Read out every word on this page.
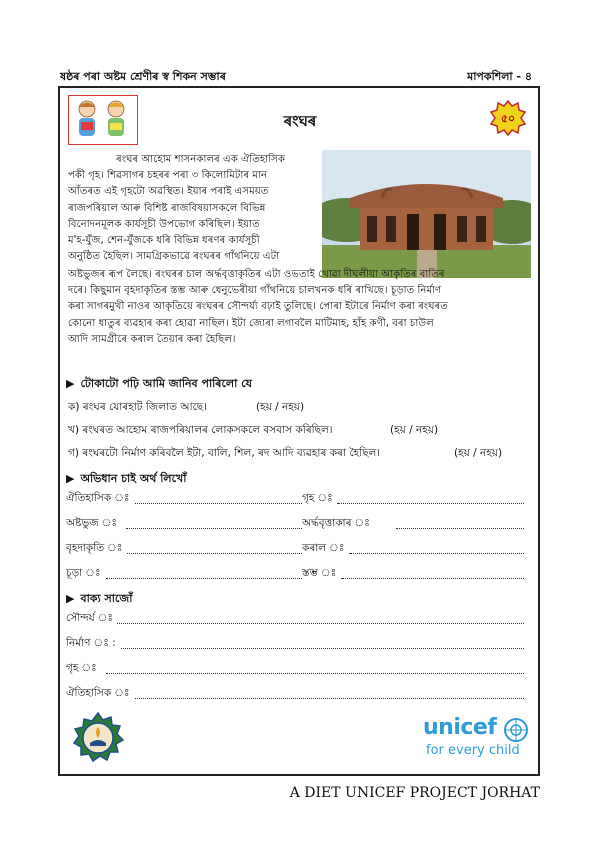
ষষ্ঠৰ পৰা অষ্টম শ্ৰেণীৰ স্ব শিকন সম্ভাৰ	মাপকশিলা - ৪
ৰংঘৰ	৫০
ৰংঘৰ আহোম শাসনকালৰ এক ঐতিহাসিক
পকী গৃহ। শিৱসাগৰ চহৰৰ পৰা ৩ কিলোমিটাৰ মান
আঁতৰত এই গৃহটো অৱস্থিত। ইয়াৰ পৰাই এসময়ত
ৰাজপৰিয়াল আৰু বিশিষ্ট ৰাজবিষয়াসকলে বিভিন্ন
বিনোদনমূলক কাৰ্যসূচী উপভোগ কৰিছিল। ইয়াত
ম'হ-যুঁজ, শেন-যুঁজকে ধৰি বিভিন্ন ধৰণৰ কাৰ্যসূচী
অনুষ্ঠিত হৈছিল। সামগ্ৰিকভাৱে ৰংঘৰৰ গাঁথনিয়ে এটা
অষ্টভুজৰ ৰূপ লৈছে। ৰংঘৰৰ চাল অৰ্দ্ধবৃত্তাকৃতিৰ এটা ওভতাই থোৱা দীঘলীয়া আকৃতিৰ বাতিৰ
দৰে। কিছুমান বৃহদাকৃতিৰ স্তম্ভ আৰু ধেনুভেৰীয়া গাঁথনিয়ে চালখনক ধৰি ৰাখিছে। চূড়াত নিৰ্মাণ
কৰা সাগৰমুখী নাওৰ আকৃতিয়ে ৰংঘৰৰ সৌন্দৰ্য্য বঢ়াই তুলিছে। পোৰা ইটাৰে নিৰ্মাণ কৰা ৰংঘৰত
কোনো ধাতুৰ ব্যৱহাৰ কৰা হোৱা নাছিল। ইটা জোৰা লগাবলৈ মাটিমাহ, হাঁহ কণী, বৰা চাউল
আদি সামগ্ৰীৰে কৰাল তৈয়াৰ কৰা হৈছিল।
▶ টোকাটো পঢ়ি আমি জানিব পাৰিলো যে
ক) ৰংঘৰ যোৰহাট জিলাত আছে।	(হয় / নহয়)
খ) ৰংঘৰত আহোম ৰাজপৰিয়ালৰ লোকসকলে বসবাস কৰিছিল।	(হয় / নহয়)
গ) ৰংঘৰটো নিৰ্মাণ কৰিবলৈ ইটা, বালি, শিল, ৰদ আদি ব্যৱহাৰ কৰা হৈছিল।	(হয় / নহয়)
▶ অভিধান চাই অৰ্থ লিখোঁ
ঐতিহাসিক ঃ	গৃহ ঃ
অষ্টভুজ ঃ	অৰ্দ্ধবৃত্তাকাৰ ঃ
বৃহদাকৃতি ঃ	কৰাল ঃ
চূড়া ঃ	স্তম্ভ ঃ
▶ বাক্য সাজোঁ
সৌন্দৰ্য ঃ
নিৰ্মাণ ঃ :
গৃহ ঃ
ঐতিহাসিক ঃ
unicef
for every child
A DIET UNICEF PROJECT JORHAT
